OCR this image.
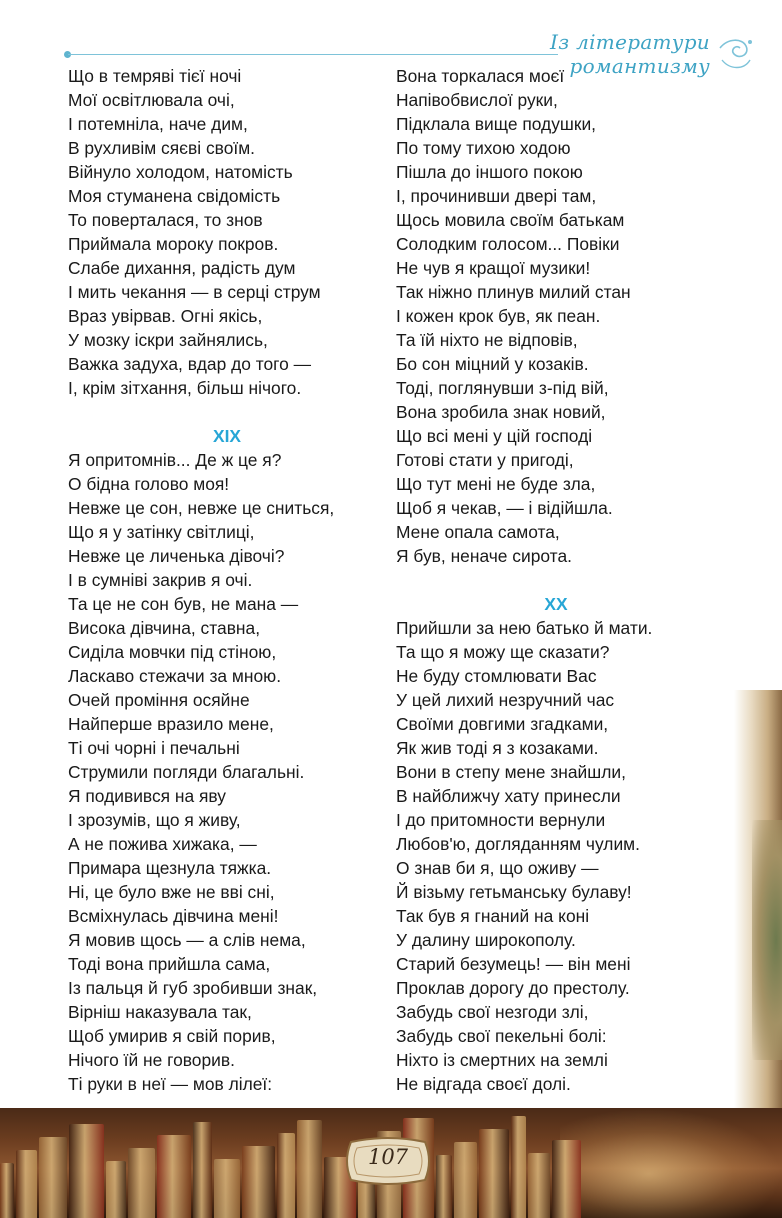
Із літератури романтизму
Що в темряві тієї ночі
Мої освітлювала очі,
І потемніла, наче дим,
В рухливім сяєві своїм.
Війнуло холодом, натомість
Моя стуманена свідомість
То поверталася, то знов
Приймала мороку покров.
Слабе дихання, радість дум
І мить чекання — в серці струм
Враз увірвав. Огні якісь,
У мозку іскри зайнялись,
Важка задуха, вдар до того —
І, крім зітхання, більш нічого.
XIX
Я опритомнів... Де ж це я?
О бідна голово моя!
Невже це сон, невже це сниться,
Що я у затінку світлиці,
Невже це личенька дівочі?
І в сумніві закрив я очі.
Та це не сон був, не мана —
Висока дівчина, ставна,
Сиділа мовчки під стіною,
Ласкаво стежачи за мною.
Очей проміння осяйне
Найперше вразило мене,
Ті очі чорні і печальні
Струмили погляди благальні.
Я подивився на яву
І зрозумів, що я живу,
А не пожива хижака, —
Примара щезнула тяжка.
Ні, це було вже не вві сні,
Всміхнулась дівчина мені!
Я мовив щось — а слів нема,
Тоді вона прийшла сама,
Із пальця й губ зробивши знак,
Вірніш наказувала так,
Щоб умирив я свій порив,
Нічого їй не говорив.
Ті руки в неї — мов лілеї:
Вона торкалася моєї
Напівобвислої руки,
Підклала вище подушки,
По тому тихою ходою
Пішла до іншого покою
І, прочинивши двері там,
Щось мовила своїм батькам
Солодким голосом... Повіки
Не чув я кращої музики!
Так ніжно плинув милий стан
І кожен крок був, як пеан.
Та їй ніхто не відповів,
Бо сон міцний у козаків.
Тоді, поглянувши з-під вій,
Вона зробила знак новий,
Що всі мені у цій господі
Готові стати у пригоді,
Що тут мені не буде зла,
Щоб я чекав, — і відійшла.
Мене опала самота,
Я був, неначе сирота.
XX
Прийшли за нею батько й мати.
Та що я можу ще сказати?
Не буду стомлювати Вас
У цей лихий незручний час
Своїми довгими згадками,
Як жив тоді я з козаками.
Вони в степу мене знайшли,
В найближчу хату принесли
І до притомности вернули
Любов'ю, догляданням чулим.
О знав би я, що оживу —
Й візьму гетьманську булаву!
Так був я гнаний на коні
У далину широкополу.
Старий безумець! — він мені
Проклав дорогу до престолу.
Забудь свої незгоди злі,
Забудь свої пекельні болі:
Ніхто із смертних на землі
Не відгада своєї долі.
107
